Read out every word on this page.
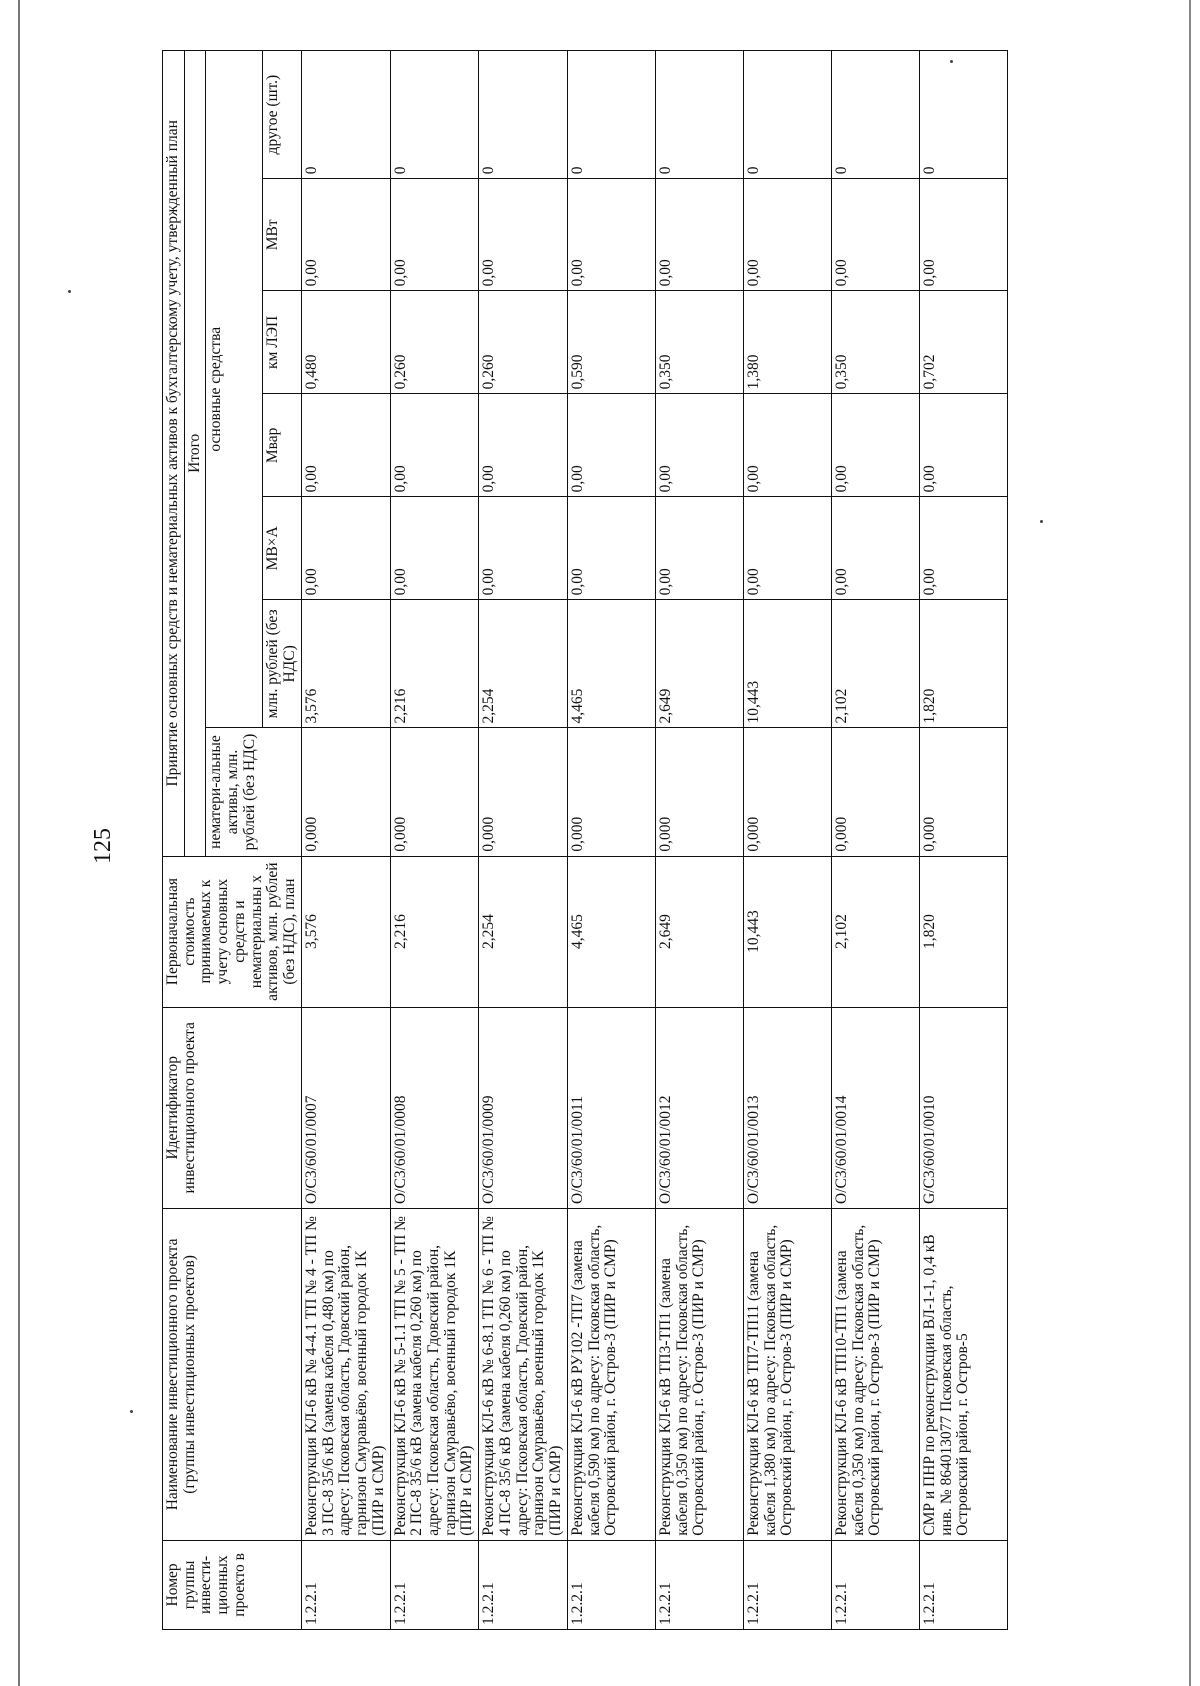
125
Номер группы инвести-ционных проекто в	Наименование инвестиционного проекта (группы инвестиционных проектов)	Идентификатор инвестиционного проекта	Первоначальная стоимость принимаемых к учету основных средств и нематериальны х активов, млн. рублей (без НДС), план	Принятие основных средств и нематериальных активов к бухгалтерскому учету, утвержденный план						
				Итого						
				нематери-альные активы, млн. рублей (без НДС)	основные средства					
					млн. рублей (без НДС)	МВ×А	Мвар	км ЛЭП	МВт	другое (шт.)
1.2.2.1	Реконструкция КЛ-6 кВ № 4-4.1 ТП № 4 - ТП № 3 ПС-8 35/6 кВ (замена кабеля 0,480 км) по адресу: Псковская область, Гдовский район, гарнизон Смуравьёво, военный городок 1К (ПИР и СМР)	O/C3/60/01/0007	3,576	0,000	3,576	0,00	0,00	0,480	0,00	0
1.2.2.1	Реконструкция КЛ-6 кВ № 5-1.1 ТП № 5 - ТП № 2 ПС-8 35/6 кВ (замена кабеля 0,260 км) по адресу: Псковская область, Гдовский район, гарнизон Смуравьёво, военный городок 1К (ПИР и СМР)	O/C3/60/01/0008	2,216	0,000	2,216	0,00	0,00	0,260	0,00	0
1.2.2.1	Реконструкция КЛ-6 кВ № 6-8.1 ТП № 6 - ТП № 4 ПС-8 35/6 кВ (замена кабеля 0,260 км) по адресу: Псковская область, Гдовский район, гарнизон Смуравьёво, военный городок 1К (ПИР и СМР)	O/C3/60/01/0009	2,254	0,000	2,254	0,00	0,00	0,260	0,00	0
1.2.2.1	Реконструкция КЛ-6 кВ РУ102 -ТП7 (замена кабеля 0,590 км) по адресу: Псковская область, Островский район, г. Остров-3 (ПИР и СМР)	O/C3/60/01/0011	4,465	0,000	4,465	0,00	0,00	0,590	0,00	0
1.2.2.1	Реконструкция КЛ-6 кВ ТП3-ТП1 (замена кабеля 0,350 км) по адресу: Псковская область, Островский район, г. Остров-3 (ПИР и СМР)	O/C3/60/01/0012	2,649	0,000	2,649	0,00	0,00	0,350	0,00	0
1.2.2.1	Реконструкция КЛ-6 кВ ТП7-ТП11 (замена кабеля 1,380 км) по адресу: Псковская область, Островский район, г. Остров-3 (ПИР и СМР)	O/C3/60/01/0013	10,443	0,000	10,443	0,00	0,00	1,380	0,00	0
1.2.2.1	Реконструкция КЛ-6 кВ ТП10-ТП1 (замена кабеля 0,350 км) по адресу: Псковская область, Островский район, г. Остров-3 (ПИР и СМР)	O/C3/60/01/0014	2,102	0,000	2,102	0,00	0,00	0,350	0,00	0
1.2.2.1	СМР и ПНР по реконструкции ВЛ-1-1, 0,4 кВ инв. № 864013077 Псковская область, Островский район, г. Остров-5	G/C3/60/01/0010	1,820	0,000	1,820	0,00	0,00	0,702	0,00	0
